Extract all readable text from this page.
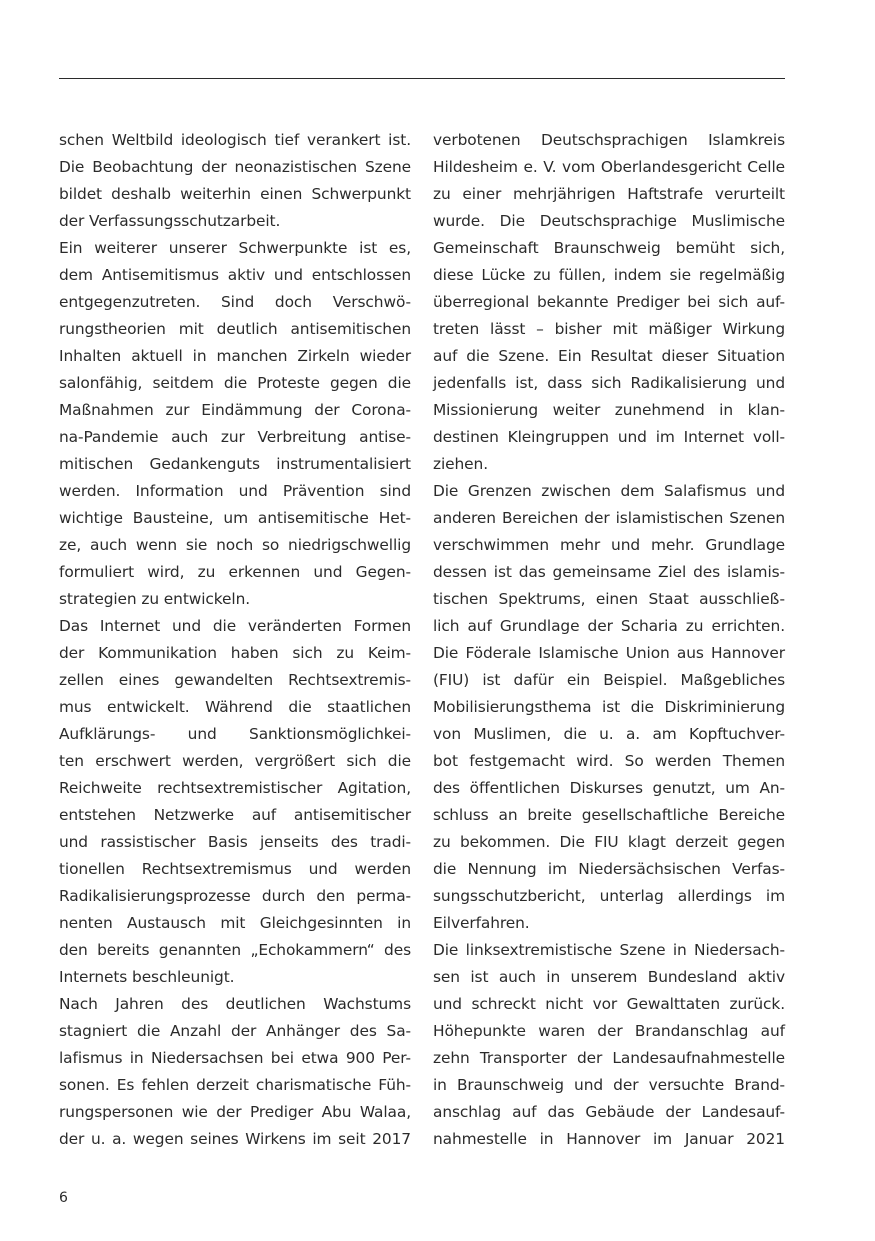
schen Weltbild ideologisch tief verankert ist.
Die Beobachtung der neonazistischen Szene
bildet deshalb weiterhin einen Schwerpunkt
der Verfassungsschutzarbeit.
Ein weiterer unserer Schwerpunkte ist es,
dem Antisemitismus aktiv und entschlossen
entgegenzutreten. Sind doch Verschwö-
rungstheorien mit deutlich antisemitischen
Inhalten aktuell in manchen Zirkeln wieder
salonfähig, seitdem die Proteste gegen die
Maßnahmen zur Eindämmung der Corona-
na-Pandemie auch zur Verbreitung antise-
mitischen Gedankenguts instrumentalisiert
werden. Information und Prävention sind
wichtige Bausteine, um antisemitische Het-
ze, auch wenn sie noch so niedrigschwellig
formuliert wird, zu erkennen und Gegen-
strategien zu entwickeln.
Das Internet und die veränderten Formen
der Kommunikation haben sich zu Keim-
zellen eines gewandelten Rechtsextremis-
mus entwickelt. Während die staatlichen
Aufklärungs- und Sanktionsmöglichkei-
ten erschwert werden, vergrößert sich die
Reichweite rechtsextremistischer Agitation,
entstehen Netzwerke auf antisemitischer
und rassistischer Basis jenseits des tradi-
tionellen Rechtsextremismus und werden
Radikalisierungsprozesse durch den perma-
nenten Austausch mit Gleichgesinnten in
den bereits genannten „Echokammern“ des
Internets beschleunigt.
Nach Jahren des deutlichen Wachstums
stagniert die Anzahl der Anhänger des Sa-
lafismus in Niedersachsen bei etwa 900 Per-
sonen. Es fehlen derzeit charismatische Füh-
rungspersonen wie der Prediger Abu Walaa,
der u. a. wegen seines Wirkens im seit 2017
verbotenen Deutschsprachigen Islamkreis
Hildesheim e. V. vom Oberlandesgericht Celle
zu einer mehrjährigen Haftstrafe verurteilt
wurde. Die Deutschsprachige Muslimische
Gemeinschaft Braunschweig bemüht sich,
diese Lücke zu füllen, indem sie regelmäßig
überregional bekannte Prediger bei sich auf-
treten lässt – bisher mit mäßiger Wirkung
auf die Szene. Ein Resultat dieser Situation
jedenfalls ist, dass sich Radikalisierung und
Missionierung weiter zunehmend in klan-
destinen Kleingruppen und im Internet voll-
ziehen.
Die Grenzen zwischen dem Salafismus und
anderen Bereichen der islamistischen Szenen
verschwimmen mehr und mehr. Grundlage
dessen ist das gemeinsame Ziel des islamis-
tischen Spektrums, einen Staat ausschließ-
lich auf Grundlage der Scharia zu errichten.
Die Föderale Islamische Union aus Hannover
(FIU) ist dafür ein Beispiel. Maßgebliches
Mobilisierungsthema ist die Diskriminierung
von Muslimen, die u. a. am Kopftuchver-
bot festgemacht wird. So werden Themen
des öffentlichen Diskurses genutzt, um An-
schluss an breite gesellschaftliche Bereiche
zu bekommen. Die FIU klagt derzeit gegen
die Nennung im Niedersächsischen Verfas-
sungsschutzbericht, unterlag allerdings im
Eilverfahren.
Die linksextremistische Szene in Niedersach-
sen ist auch in unserem Bundesland aktiv
und schreckt nicht vor Gewalttaten zurück.
Höhepunkte waren der Brandanschlag auf
zehn Transporter der Landesaufnahmestelle
in Braunschweig und der versuchte Brand-
anschlag auf das Gebäude der Landesauf-
nahmestelle in Hannover im Januar 2021
6
